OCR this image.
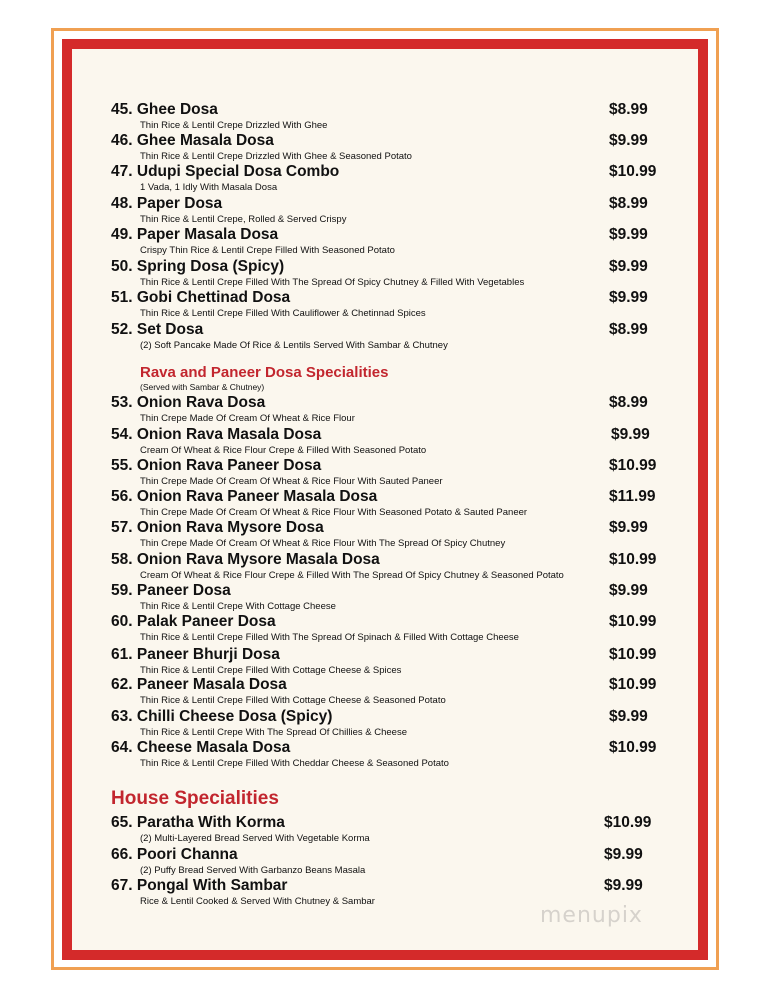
45. Ghee Dosa	$8.99
Thin Rice & Lentil Crepe Drizzled With Ghee
46. Ghee Masala Dosa	$9.99
Thin Rice & Lentil Crepe Drizzled With Ghee & Seasoned Potato
47. Udupi Special Dosa Combo	$10.99
1 Vada, 1 Idly With Masala Dosa
48. Paper Dosa	$8.99
Thin Rice & Lentil Crepe, Rolled & Served Crispy
49. Paper Masala Dosa	$9.99
Crispy Thin Rice & Lentil Crepe Filled With Seasoned Potato
50. Spring Dosa (Spicy)	$9.99
Thin Rice & Lentil Crepe Filled With The Spread Of Spicy Chutney & Filled With Vegetables
51. Gobi Chettinad Dosa	$9.99
Thin Rice & Lentil Crepe Filled With Cauliflower & Chetinnad Spices
52. Set Dosa	$8.99
(2) Soft Pancake Made Of Rice & Lentils Served With Sambar & Chutney
Rava and Paneer Dosa Specialities
(Served with Sambar & Chutney)
53. Onion Rava Dosa	$8.99
Thin Crepe Made Of Cream Of Wheat & Rice Flour
54. Onion Rava Masala Dosa	$9.99
Cream Of Wheat & Rice Flour Crepe & Filled With Seasoned Potato
55. Onion Rava Paneer Dosa	$10.99
Thin Crepe Made Of Cream Of Wheat & Rice Flour With Sauted Paneer
56. Onion Rava Paneer Masala Dosa	$11.99
Thin Crepe Made Of Cream Of Wheat & Rice Flour With Seasoned Potato & Sauted Paneer
57. Onion Rava Mysore Dosa	$9.99
Thin Crepe Made Of Cream Of Wheat & Rice Flour With The Spread Of Spicy Chutney
58. Onion Rava Mysore Masala Dosa	$10.99
Cream Of Wheat & Rice Flour Crepe & Filled With The Spread Of Spicy Chutney & Seasoned Potato
59. Paneer Dosa	$9.99
Thin Rice & Lentil Crepe With Cottage Cheese
60. Palak Paneer Dosa	$10.99
Thin Rice & Lentil Crepe Filled With The Spread Of Spinach & Filled With Cottage Cheese
61. Paneer Bhurji Dosa	$10.99
Thin Rice & Lentil Crepe Filled With Cottage Cheese & Spices
62. Paneer Masala Dosa	$10.99
Thin Rice & Lentil Crepe Filled With Cottage Cheese & Seasoned Potato
63. Chilli Cheese Dosa (Spicy)	$9.99
Thin Rice & Lentil Crepe With The Spread Of Chillies & Cheese
64. Cheese Masala Dosa	$10.99
Thin Rice & Lentil Crepe Filled With Cheddar Cheese & Seasoned Potato
House Specialities
65. Paratha With Korma	$10.99
(2) Multi-Layered Bread Served With Vegetable Korma
66. Poori Channa	$9.99
(2) Puffy Bread Served With Garbanzo Beans Masala
67. Pongal With Sambar	$9.99
Rice & Lentil Cooked & Served With Chutney & Sambar
menupix
